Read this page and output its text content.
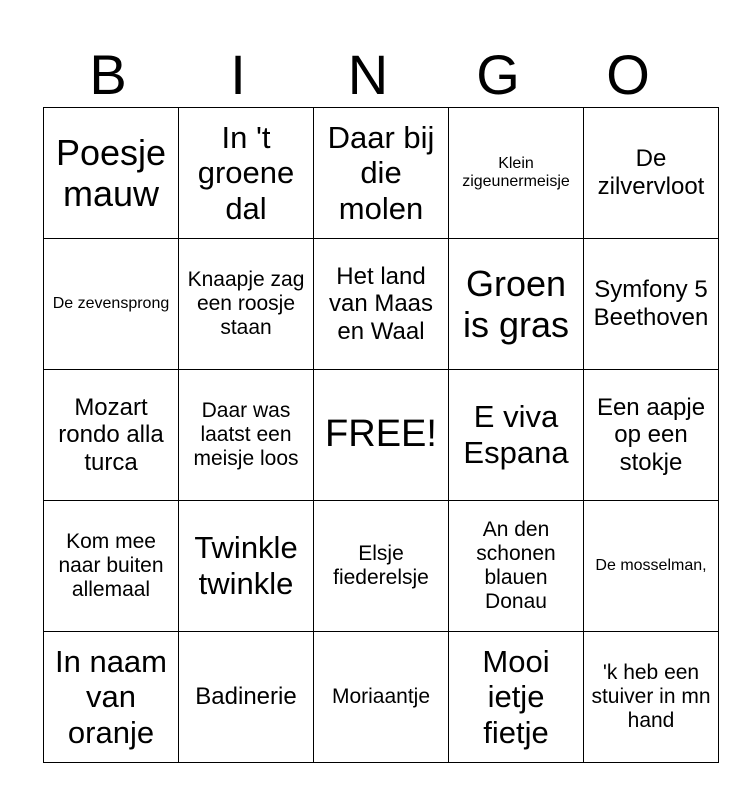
B	I	N	G	O
Poesje mauw	In 't groene dal	Daar bij die molen	Klein zigeunermeisje	De zilvervloot
De zevensprong	Knaapje zag een roosje staan	Het land van Maas en Waal	Groen is gras	Symfony 5 Beethoven
Mozart rondo alla turca	Daar was laatst een meisje loos	FREE!	E viva Espana	Een aapje op een stokje
Kom mee naar buiten allemaal	Twinkle twinkle	Elsje fiederelsje	An den schonen blauen Donau	De mosselman,
In naam van oranje	Badinerie	Moriaantje	Mooi ietje fietje	'k heb een stuiver in mn hand
